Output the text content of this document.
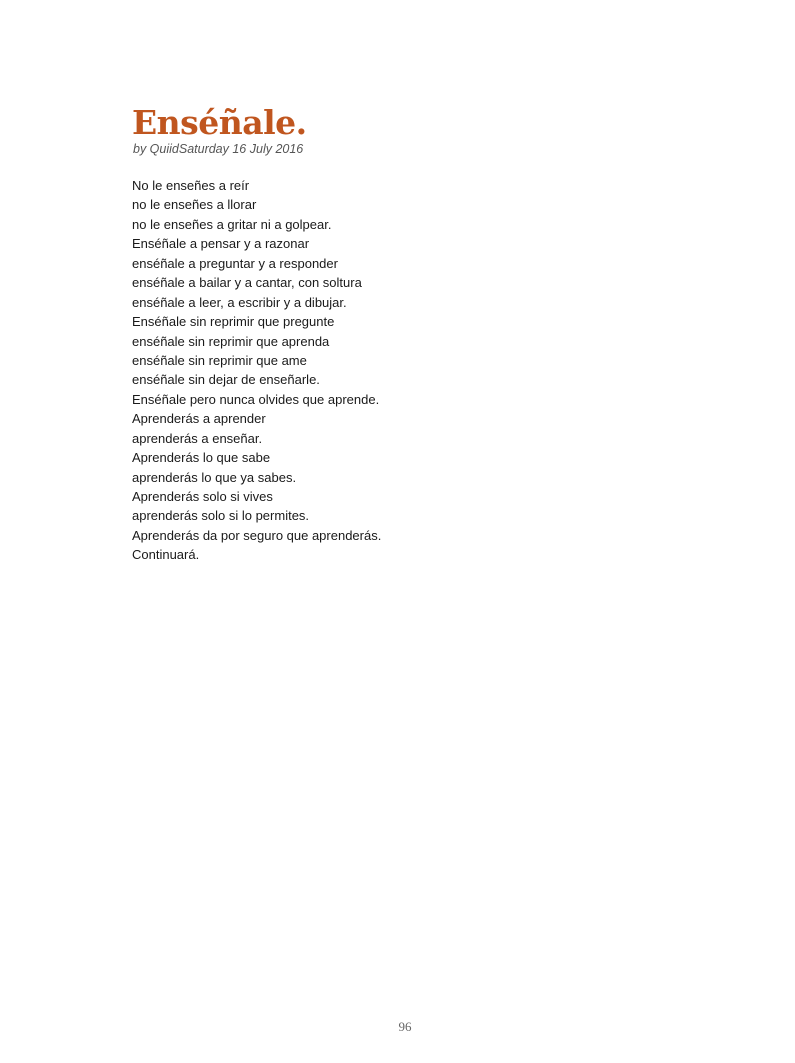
Enséñale.

by QuiidSaturday 16 July 2016

No le enseñes a reír
no le enseñes a llorar
no le enseñes a gritar ni a golpear.
Enséñale a pensar y a razonar
enséñale a preguntar y a responder
enséñale a bailar y a cantar, con soltura
enséñale a leer, a escribir y a dibujar.
Enséñale sin reprimir que pregunte
enséñale sin reprimir que aprenda
enséñale sin reprimir que ame
enséñale sin dejar de enseñarle.
Enséñale pero nunca olvides que aprende.
Aprenderás a aprender
aprenderás a enseñar.
Aprenderás lo que sabe
aprenderás lo que ya sabes.
Aprenderás solo si vives
aprenderás solo si lo permites.
Aprenderás da por seguro que aprenderás.
Continuará.
96
